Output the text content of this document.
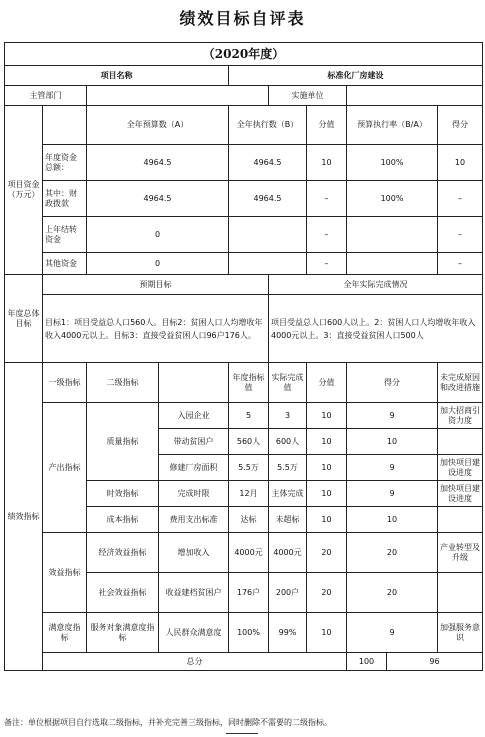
绩效目标自评表
（2020年度）										
项目名称				标准化厂房建设						
主管部门					实施单位					
项目资金（万元）		全年预算数（A）		全年执行数（B）		分值	预算执行率（B/A）		得分	
	年度资金总额：	4964.5		4964.5		10	100%		10	
	其中：财政拨款	4964.5		4964.5		–	100%		–	
	上年结转资金	0				–			–	
	其他资金	0				–			–	
年度总体目标	预期目标				全年实际完成情况					
	目标1：项目受益总人口560人。目标2：贫困人口人均增收年收入4000元以上。目标3：直接受益贫困人口96户176人。				项目受益总人口600人以上。2：贫困人口人均增收年收入4000元以上。3：直接受益贫困人口500人					
绩效指标	一级指标	二级指标		年度指标值	实际完成值	分值	得分		未完成原因和改进措施	
	产出指标	质量指标	入园企业	5	3	10	9		加大招商引资力度	
			带动贫困户	560人	600人	10	10			
			修建厂房面积	5.5万	5.5万	10	9		加快项目建设进度	
		时效指标	完成时限	12月	主体完成	10	9		加快项目建设进度	
		成本指标	费用支出标准	达标	未超标	10	10			
	效益指标	经济效益指标	增加收入	4000元	4000元	20	20		产业转型及升级	
		社会效益指标	收益建档贫困户	176户	200户	20	20			
	满意度指标	服务对象满意度指标	人民群众满意度	100%	99%	10	9		加强服务意识	
	总分						100	96		
备注：单位根据项目自行选取二级指标，并补充完善三级指标，同时删除不需要的二级指标。
